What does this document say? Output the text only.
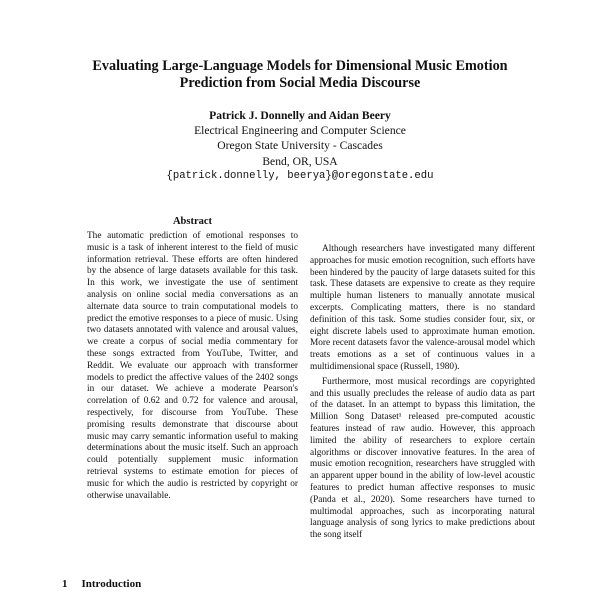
Evaluating Large-Language Models for Dimensional Music Emotion
Prediction from Social Media Discourse
Patrick J. Donnelly and Aidan Beery
Electrical Engineering and Computer Science
Oregon State University - Cascades
Bend, OR, USA
{patrick.donnelly, beerya}@oregonstate.edu
Abstract

The automatic prediction of emotional responses to music is a task of inherent interest to the field of music information retrieval. These efforts are often hindered by the absence of large datasets available for this task. In this work, we investigate the use of sentiment analysis on online social media conversations as an alternate data source to train computational models to predict the emotive responses to a piece of music. Using two datasets annotated with valence and arousal values, we create a corpus of social media commentary for these songs extracted from YouTube, Twitter, and Reddit. We evaluate our approach with transformer models to predict the affective values of the 2402 songs in our dataset. We achieve a moderate Pearson's correlation of 0.62 and 0.72 for valence and arousal, respectively, for discourse from YouTube. These promising results demonstrate that discourse about music may carry semantic information useful to making determinations about the music itself. Such an approach could potentially supplement music information retrieval systems to estimate emotion for pieces of music for which the audio is restricted by copyright or otherwise unavailable.

1 Introduction

Although researchers have investigated many different approaches for music emotion recognition, such efforts have been hindered by the paucity of large datasets suited for this task. These datasets are expensive to create as they require multiple human listeners to manually annotate musical excerpts. Complicating matters, there is no standard definition of this task. Some studies consider four, six, or eight discrete labels used to approximate human emotion. More recent datasets favor the valence-arousal model which treats emotions as a set of continuous values in a multidimensional space (Russell, 1980).

Furthermore, most musical recordings are copyrighted and this usually precludes the release of audio data as part of the dataset. In an attempt to bypass this limitation, the Million Song Dataset¹ released pre-computed acoustic features instead of raw audio. However, this approach limited the ability of researchers to explore certain algorithms or discover innovative features. In the area of music emotion recognition, researchers have struggled with an apparent upper bound in the ability of low-level acoustic features to predict human affective responses to music (Panda et al., 2020). Some researchers have turned to multimodal approaches, such as incorporating natural language analysis of song lyrics to make predictions about the song itself
